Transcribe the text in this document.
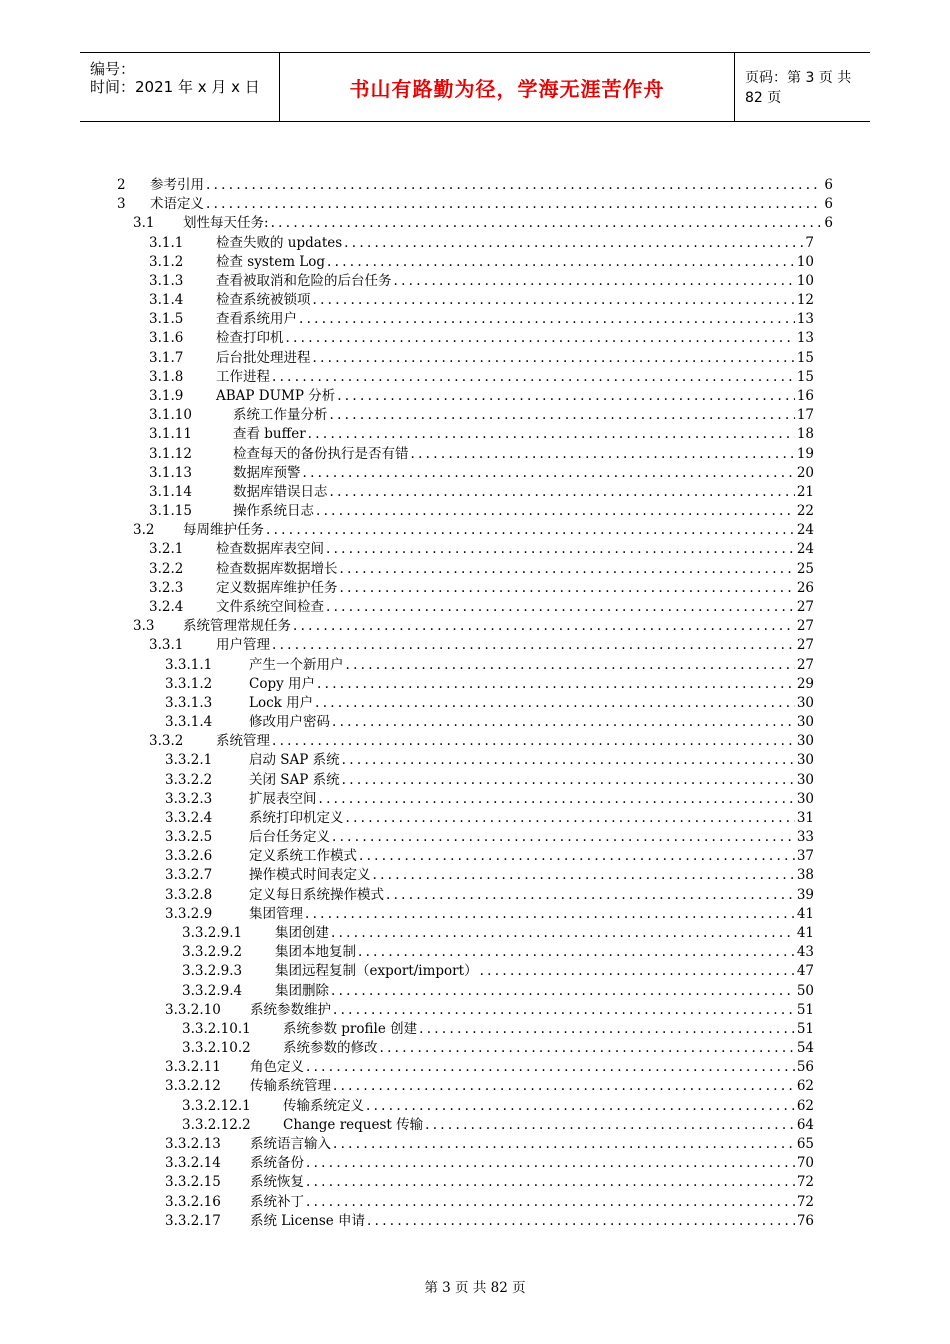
编号：
时间：2021 年 x 月 x 日	书山有路勤为径，学海无涯苦作舟	页码：第 3 页 共 82 页
2	参考引用 .....	6
3	术语定义 .....	6
3.1	划性每天任务: .....	6
3.1.1	检查失败的 updates .....	7
3.1.2	检查 system Log .....	10
3.1.3	查看被取消和危险的后台任务 .....	10
3.1.4	检查系统被锁项 .....	12
3.1.5	查看系统用户 .....	13
3.1.6	检查打印机 .....	13
3.1.7	后台批处理进程 .....	15
3.1.8	工作进程 .....	15
3.1.9	ABAP DUMP 分析 .....	16
3.1.10	系统工作量分析 .....	17
3.1.11	查看 buffer .....	18
3.1.12	检查每天的备份执行是否有错 .....	19
3.1.13	数据库预警 .....	20
3.1.14	数据库错误日志 .....	21
3.1.15	操作系统日志 .....	22
3.2	每周维护任务 .....	24
3.2.1	检查数据库表空间 .....	24
3.2.2	检查数据库数据增长 .....	25
3.2.3	定义数据库维护任务 .....	26
3.2.4	文件系统空间检查 .....	27
3.3	系统管理常规任务 .....	27
3.3.1	用户管理 .....	27
3.3.1.1	产生一个新用户 .....	27
3.3.1.2	Copy 用户 .....	29
3.3.1.3	Lock 用户 .....	30
3.3.1.4	修改用户密码 .....	30
3.3.2	系统管理 .....	30
3.3.2.1	启动 SAP 系统 .....	30
3.3.2.2	关闭 SAP 系统 .....	30
3.3.2.3	扩展表空间 .....	30
3.3.2.4	系统打印机定义 .....	31
3.3.2.5	后台任务定义 .....	33
3.3.2.6	定义系统工作模式 .....	37
3.3.2.7	操作模式时间表定义 .....	38
3.3.2.8	定义每日系统操作模式 .....	39
3.3.2.9	集团管理 .....	41
3.3.2.9.1	集团创建 .....	41
3.3.2.9.2	集团本地复制 .....	43
3.3.2.9.3	集团远程复制（export/import） .....	47
3.3.2.9.4	集团删除 .....	50
3.3.2.10	系统参数维护 .....	51
3.3.2.10.1	系统参数 profile 创建 .....	51
3.3.2.10.2	系统参数的修改 .....	54
3.3.2.11	角色定义 .....	56
3.3.2.12	传输系统管理 .....	62
3.3.2.12.1	传输系统定义 .....	62
3.3.2.12.2	Change request 传输 .....	64
3.3.2.13	系统语言输入 .....	65
3.3.2.14	系统备份 .....	70
3.3.2.15	系统恢复 .....	72
3.3.2.16	系统补丁 .....	72
3.3.2.17	系统 License 申请 .....	76
第 3 页 共 82 页
